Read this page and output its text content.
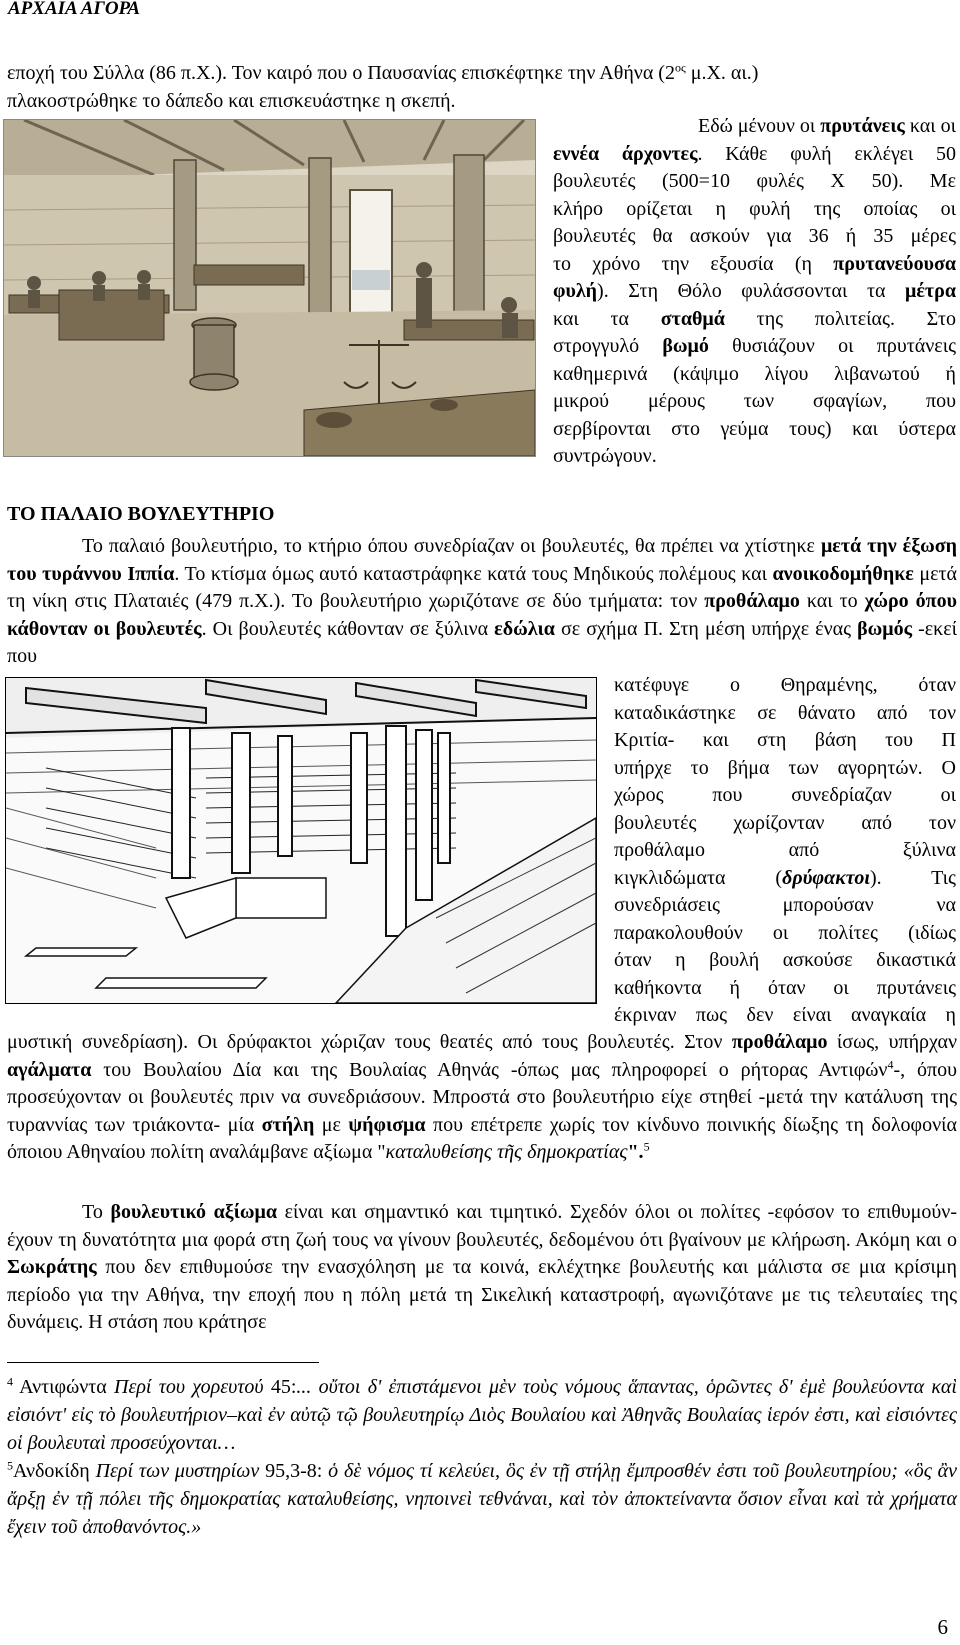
ΑΡΧΑΙΑ ΑΓΟΡΑ
εποχή του Σύλλα (86 π.Χ.). Τον καιρό που ο Παυσανίας επισκέφτηκε την Αθήνα ($2^{o\varsigma}$ μ.Χ. αι.)
πλακοστρώθηκε το δάπεδο και επισκευάστηκε η σκεπή.
Εδώ μένουν οι πρυτάνεις και οι
εννέα άρχοντες. Κάθε φυλή εκλέγει 50
βουλευτές (500=10 φυλές Χ 50). Με
κλήρο ορίζεται η φυλή της οποίας οι
βουλευτές θα ασκούν για 36 ή 35 μέρες
το χρόνο την εξουσία (η πρυτανεύουσα
φυλή). Στη Θόλο φυλάσσονται τα μέτρα
και τα σταθμά της πολιτείας. Στο
στρογγυλό βωμό θυσιάζουν οι πρυτάνεις
καθημερινά (κάψιμο λίγου λιβανωτού ή
μικρού μέρους των σφαγίων, που
σερβίρονται στο γεύμα τους) και ύστερα
συντρώγουν.
ΤΟ ΠΑΛΑΙΟ ΒΟΥΛΕΥΤΗΡΙΟ
Το παλαιό βουλευτήριο, το κτήριο όπου συνεδρίαζαν οι βουλευτές, θα πρέπει να χτίστηκε μετά την έξωση του τυράννου Ιππία. Το κτίσμα όμως αυτό καταστράφηκε κατά τους Μηδικούς πολέμους και ανοικοδομήθηκε μετά τη νίκη στις Πλαταιές (479 π.Χ.). Το βουλευτήριο χωριζότανε σε δύο τμήματα: τον προθάλαμο και το χώρο όπου κάθονταν οι βουλευτές. Οι βουλευτές κάθονταν σε ξύλινα εδώλια σε σχήμα Π. Στη μέση υπήρχε ένας βωμός -εκεί που
κατέφυγε ο Θηραμένης, όταν
καταδικάστηκε σε θάνατο από τον
Κριτία- και στη βάση του Π
υπήρχε το βήμα των αγορητών. Ο
χώρος που συνεδρίαζαν οι
βουλευτές χωρίζονταν από τον
προθάλαμο από ξύλινα
κιγκλιδώματα (δρύφακτοι). Τις
συνεδριάσεις μπορούσαν να
παρακολουθούν οι πολίτες (ιδίως
όταν η βουλή ασκούσε δικαστικά
καθήκοντα ή όταν οι πρυτάνεις
έκριναν πως δεν είναι αναγκαία η
μυστική συνεδρίαση). Οι δρύφακτοι χώριζαν τους θεατές από τους βουλευτές. Στον προθάλαμο ίσως, υπήρχαν αγάλματα του Βουλαίου Δία και της Βουλαίας Αθηνάς -όπως μας πληροφορεί ο ρήτορας Αντιφών$^4$-, όπου προσεύχονταν οι βουλευτές πριν να συνεδριάσουν. Μπροστά στο βουλευτήριο είχε στηθεί -μετά την κατάλυση της τυραννίας των τριάκοντα- μία στήλη με ψήφισμα που επέτρεπε χωρίς τον κίνδυνο ποινικής δίωξης τη δολοφονία όποιου Αθηναίου πολίτη αναλάμβανε αξίωμα "καταλυθείσης τῆς δημοκρατίας".$^5$
Το βουλευτικό αξίωμα είναι και σημαντικό και τιμητικό. Σχεδόν όλοι οι πολίτες -εφόσον το επιθυμούν- έχουν τη δυνατότητα μια φορά στη ζωή τους να γίνουν βουλευτές, δεδομένου ότι βγαίνουν με κλήρωση. Ακόμη και ο Σωκράτης που δεν επιθυμούσε την ενασχόληση με τα κοινά, εκλέχτηκε βουλευτής και μάλιστα σε μια κρίσιμη περίοδο για την Αθήνα, την εποχή που η πόλη μετά τη Σικελική καταστροφή, αγωνιζότανε με τις τελευταίες της δυνάμεις. Η στάση που κράτησε
$^4$ Αντιφώντα Περί του χορευτού 45:... οὔτοι δ' ἐπιστάμενοι μὲν τοὺς νόμους ἅπαντας, ὁρῶντες δ' ἐμὲ βουλεύοντα καὶ εἰσιόντ' εἰς τὸ βουλευτήριον–καὶ ἐν αὐτῷ τῷ βουλευτηρίῳ Διὸς Βουλαίου καὶ Ἀθηνᾶς Βουλαίας ἱερόν ἐστι, καὶ εἰσιόντες οἱ βουλευταὶ προσεύχονται…
$^5$Ανδοκίδη Περί των μυστηρίων 95,3-8: ὁ δὲ νόμος τί κελεύει, ὃς ἐν τῇ στήλῃ ἔμπροσθέν ἐστι τοῦ βουλευτηρίου; «ὃς ἂν ἄρξῃ ἐν τῇ πόλει τῆς δημοκρατίας καταλυθείσης, νηποινεὶ τεθνάναι, καὶ τὸν ἀποκτείναντα ὅσιον εἶναι καὶ τὰ χρήματα ἔχειν τοῦ ἀποθανόντος.»
6
